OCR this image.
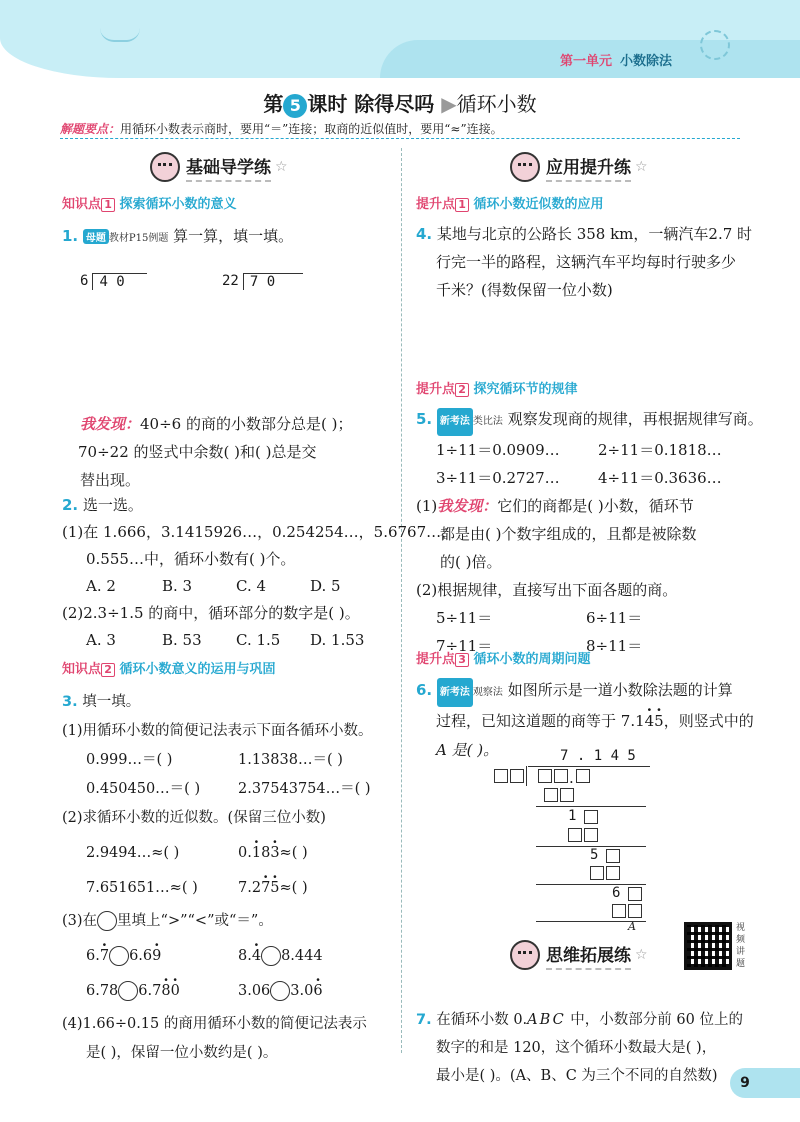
第一单元 小数除法
第 5 课时 除得尽吗 ▶循环小数
解题要点：用循环小数表示商时，要用“＝”连接；取商的近似值时，要用“≈”连接。
基础导学练 ☆
知识点 1 探索循环小数的意义
1. 母题 教材P15例题 算一算，填一填。
6 4 0	22 7 0
我发现：40÷6 的商的小数部分总是( )；
70÷22 的竖式中余数( )和( )总是交
替出现。
2. 选一选。
(1)在 1.666，3.1415926…，0.254254…，5.6767…，
0.555…中，循环小数有( )个。
A. 2	B. 3	C. 4	D. 5
(2)2.3÷1.5 的商中，循环部分的数字是( )。
A. 3	B. 53	C. 1.5	D. 1.53
知识点 2 循环小数意义的运用与巩固
3. 填一填。
(1)用循环小数的简便记法表示下面各循环小数。
0.999…＝( )	1.13838…＝( )
0.450450…＝( )	2.37543754…＝( )
(2)求循环小数的近似数。(保留三位小数)
2.9494…≈( )	0.· 18· 3≈( )
7.651651…≈( )	7.2· 7· 5≈( )
(3)在 里填上“>”“<”或“＝”。
6.· 7 6.6· 9	8.· 4 8.444
6.78 6.7· 8· 0	3.06 3.0· 6
(4)1.66÷0.15 的商用循环小数的简便记法表示
是( )，保留一位小数约是( )。
应用提升练 ☆
提升点 1 循环小数近似数的应用
4. 某地与北京的公路长 358 km，一辆汽车2.7 时
行完一半的路程，这辆汽车平均每时行驶多少
千米？(得数保留一位小数)
提升点 2 探究循环节的规律
5. 新考法 类比法 观察发现商的规律，再根据规律写商。
1÷11＝0.0909…	2÷11＝0.1818…
3÷11＝0.2727…	4÷11＝0.3636…
(1)我发现：它们的商都是( )小数，循环节
都是由( )个数字组成的，且都是被除数
的( )倍。
(2)根据规律，直接写出下面各题的商。
5÷11＝	6÷11＝
7÷11＝	8÷11＝
提升点 3 循环小数的周期问题
6. 新考法 观察法 如图所示是一道小数除法题的计算
过程，已知这道题的商等于 7.1· 4· 5，则竖式中的
A 是( )。	7 . 1 4 5
.
1
5
6
A	视频讲题
思维拓展练 ☆
7. 在循环小数 0.ABC 中，小数部分前 60 位上的
数字的和是 120，这个循环小数最大是( )，
最小是( )。(A、B、C 为三个不同的自然数)	9
